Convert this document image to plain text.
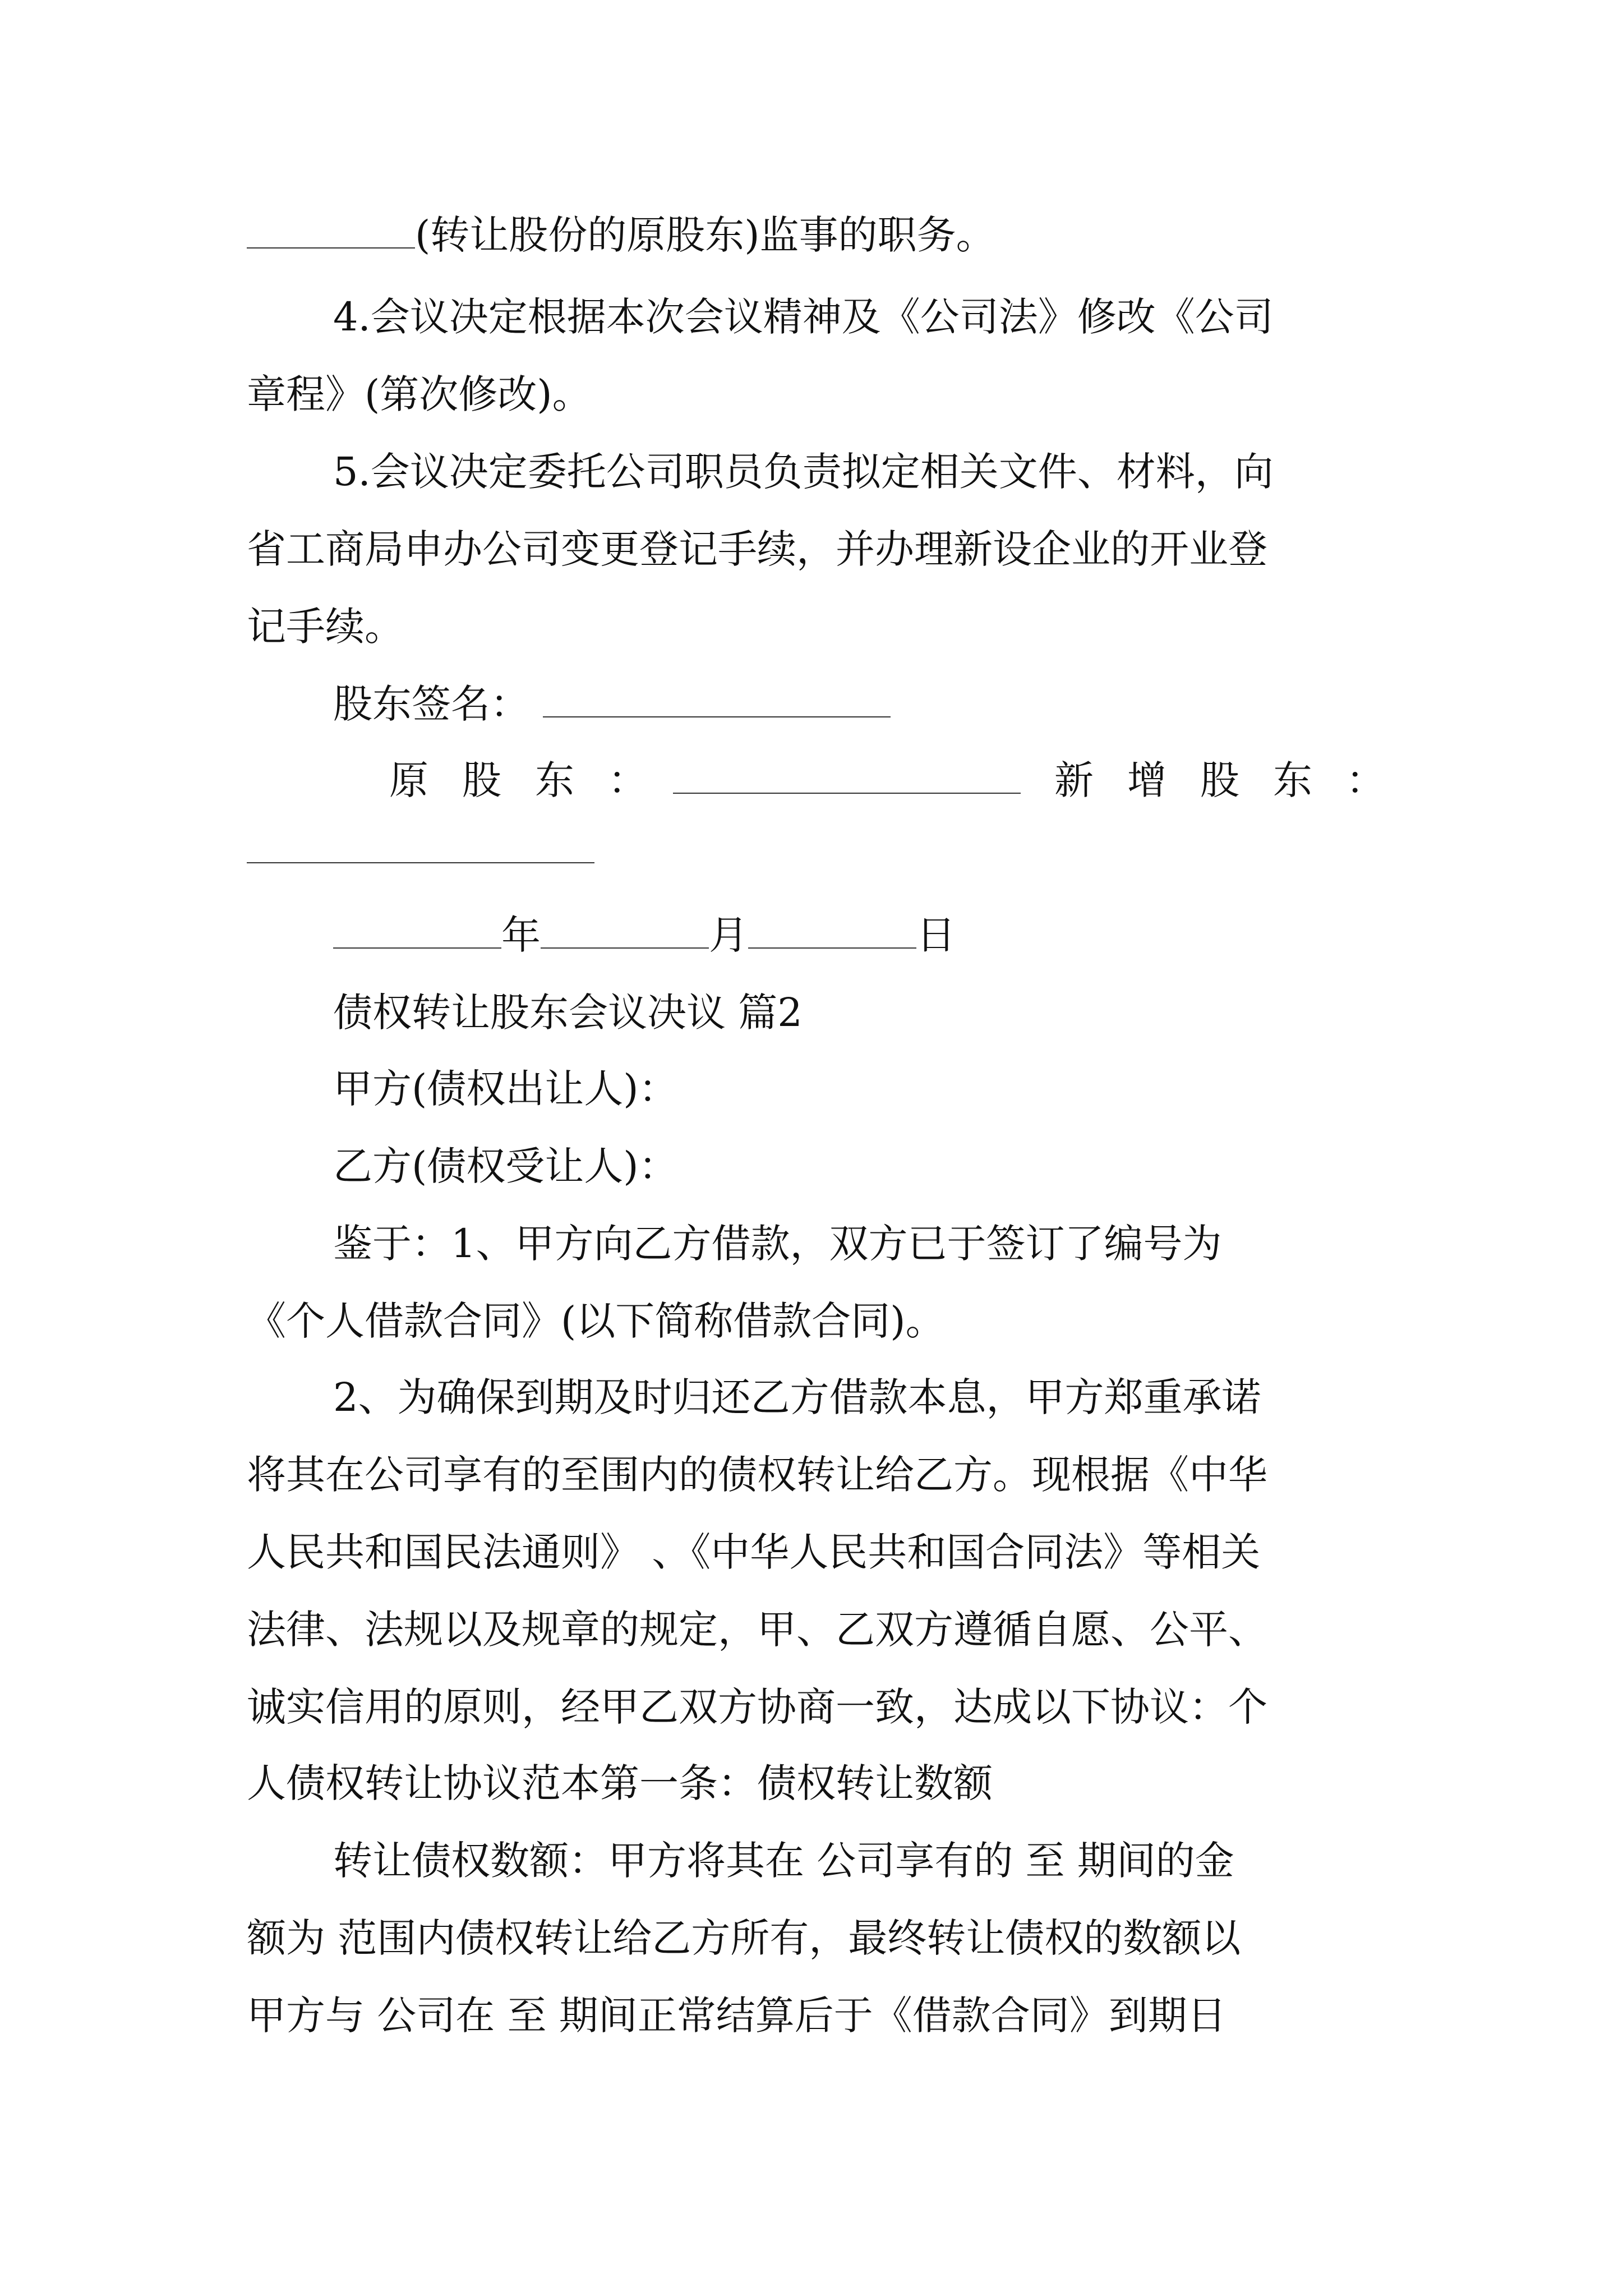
(转让股份的原股东)监事的职务。
4.会议决定根据本次会议精神及《公司法》修改《公司
章程》(第次修改)。
5.会议决定委托公司职员负责拟定相关文件、材料，向
省工商局申办公司变更登记手续，并办理新设企业的开业登
记手续。
股东签名：
原股东：	新增股东：
年	月	日
债权转让股东会议决议 篇2
甲方(债权出让人)：
乙方(债权受让人)：
鉴于：1、甲方向乙方借款，双方已于签订了编号为
《个人借款合同》(以下简称借款合同)。
2、为确保到期及时归还乙方借款本息，甲方郑重承诺
将其在公司享有的至围内的债权转让给乙方。现根据《中华
人民共和国民法通则》 、《中华人民共和国合同法》等相关
法律、法规以及规章的规定，甲、乙双方遵循自愿、公平、
诚实信用的原则，经甲乙双方协商一致，达成以下协议：个
人债权转让协议范本第一条：债权转让数额
转让债权数额：甲方将其在 公司享有的 至 期间的金
额为 范围内债权转让给乙方所有，最终转让债权的数额以
甲方与 公司在 至 期间正常结算后于《借款合同》到期日
